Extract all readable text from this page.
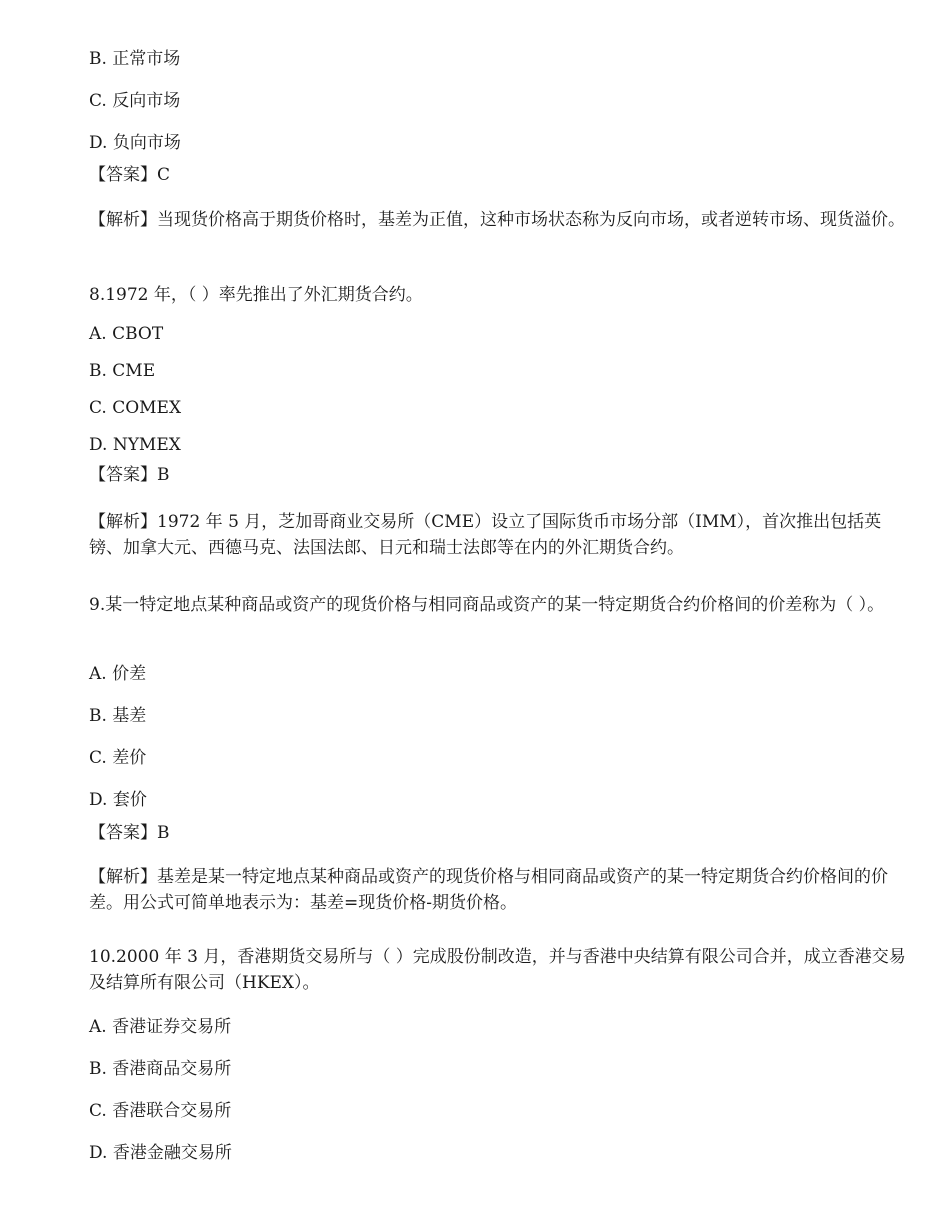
B. 正常市场

C. 反向市场

D. 负向市场

【答案】C

【解析】当现货价格高于期货价格时，基差为正值，这种市场状态称为反向市场，或者逆转市场、现货溢价。

8.1972 年，（ ）率先推出了外汇期货合约。

A. CBOT

B. CME

C. COMEX

D. NYMEX

【答案】B

【解析】1972 年 5 月，芝加哥商业交易所（CME）设立了国际货币市场分部（IMM），首次推出包括英镑、加拿大元、西德马克、法国法郎、日元和瑞士法郎等在内的外汇期货合约。

9.某一特定地点某种商品或资产的现货价格与相同商品或资产的某一特定期货合约价格间的价差称为（ ）。

A. 价差

B. 基差

C. 差价

D. 套价

【答案】B

【解析】基差是某一特定地点某种商品或资产的现货价格与相同商品或资产的某一特定期货合约价格间的价差。用公式可简单地表示为：基差=现货价格-期货价格。

10.2000 年 3 月，香港期货交易所与（ ）完成股份制改造，并与香港中央结算有限公司合并，成立香港交易及结算所有限公司（HKEX）。

A. 香港证券交易所

B. 香港商品交易所

C. 香港联合交易所

D. 香港金融交易所
